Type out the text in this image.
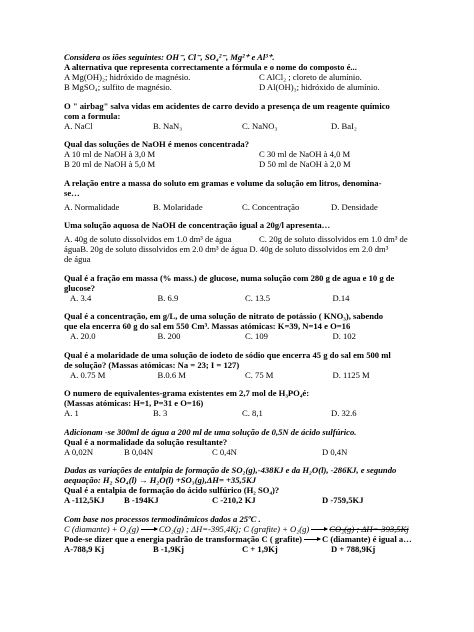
Considera os iões seguintes: OH⁻, Cl⁻, SO₄²⁻, Mg²⁺ e Al³⁺.
A alternativa que representa correctamente a fórmula e o nome do composto é...
A Mg(OH)₂; hidróxido de magnésio.	C AlCl₂ ; cloreto de alumínio.
B MgSO₄; sulfito de magnésio.	D Al(OH)₃; hidróxido de alumínio.
O " airbag" salva vidas em acidentes de carro devido a presença de um reagente químico
com a formula:
A. NaCl	B. NaN₃	C. NaNO₃	D. BaI₂
Qual das soluções de NaOH é menos concentrada?
A 10 ml de NaOH à 3,0 M	C 30 ml de NaOH à 4,0 M
B 20 ml de NaOH à 5,0 M	D 50 ml de NaOH à 2,0 M
A relação entre a massa do soluto em gramas e volume da solução em litros, denomina-
se…
A. Normalidade	B. Molaridade	C. Concentração	D. Densidade
Uma solução aquosa de NaOH de concentração igual a 20g/l apresenta…
A. 40g de soluto dissolvidos em 1.0 dm³ de água	C. 20g de soluto dissolvidos em 1.0 dm³ de
águaB. 20g de soluto dissolvidos em 2.0 dm³ de água D. 40g de soluto dissolvidos em 2.0 dm³
de água
Qual é a fração em massa (% mass.) de glucose, numa solução com 280 g de agua e 10 g de
glucose?
A. 3.4	B. 6.9	C. 13.5	D.14
Qual é a concentração, em g/L, de uma solução de nitrato de potássio ( KNO₃), sabendo
que ela encerra 60 g do sal em 550 Cm³. Massas atómicas: K=39, N=14 e O=16
A. 20.0	B. 200	C. 109	D. 102
Qual é a molaridade de uma solução de iodeto de sódio que encerra 45 g do sal em 500 ml
de solução? (Massas atómicas: Na = 23; I = 127)
A. 0.75 M	B.0.6 M	C. 75 M	D. 1125 M
O numero de equivalentes-grama existentes em 2,7 mol de H₃PO₄é:
(Massas atómicas: H=1, P=31 e O=16)
A. 1	B. 3	C. 8,1	D. 32.6
Adicionam -se 300ml de água a 200 ml de uma solução de 0,5N de ácido sulfúrico.
Qual é a normalidade da solução resultante?
A 0,02N	B 0,04N	C 0,4N	D 0,4N
Dadas as variações de entalpia de formação de SO₂(g),-438KJ e da H₂O(l), -286KJ, e segundo
aequação: H₂ SO₄(l) → H₂O(l) +SO₃(g),ΔH= +35,5KJ
Qual é a entalpia de formação do ácido sulfúrico (H₂ SO₄)?
A -112,5KJ	B -194KJ	C -210,2 KJ	D -759,5KJ
Com base nos processos termodinâmicos dados a 25ºC .
C (diamante) + O₂(g) → CO₂(g) ; ΔH=-395,4Kj; C (grafite) + O₂(g) → CO₂(g) ; ΔH=-393,5Kj
Pode-se dizer que a energia padrão de transformação C ( grafite) C (diamante) é igual a…
A-788,9 Kj	B -1,9Kj	C + 1,9Kj	D + 788,9Kj
